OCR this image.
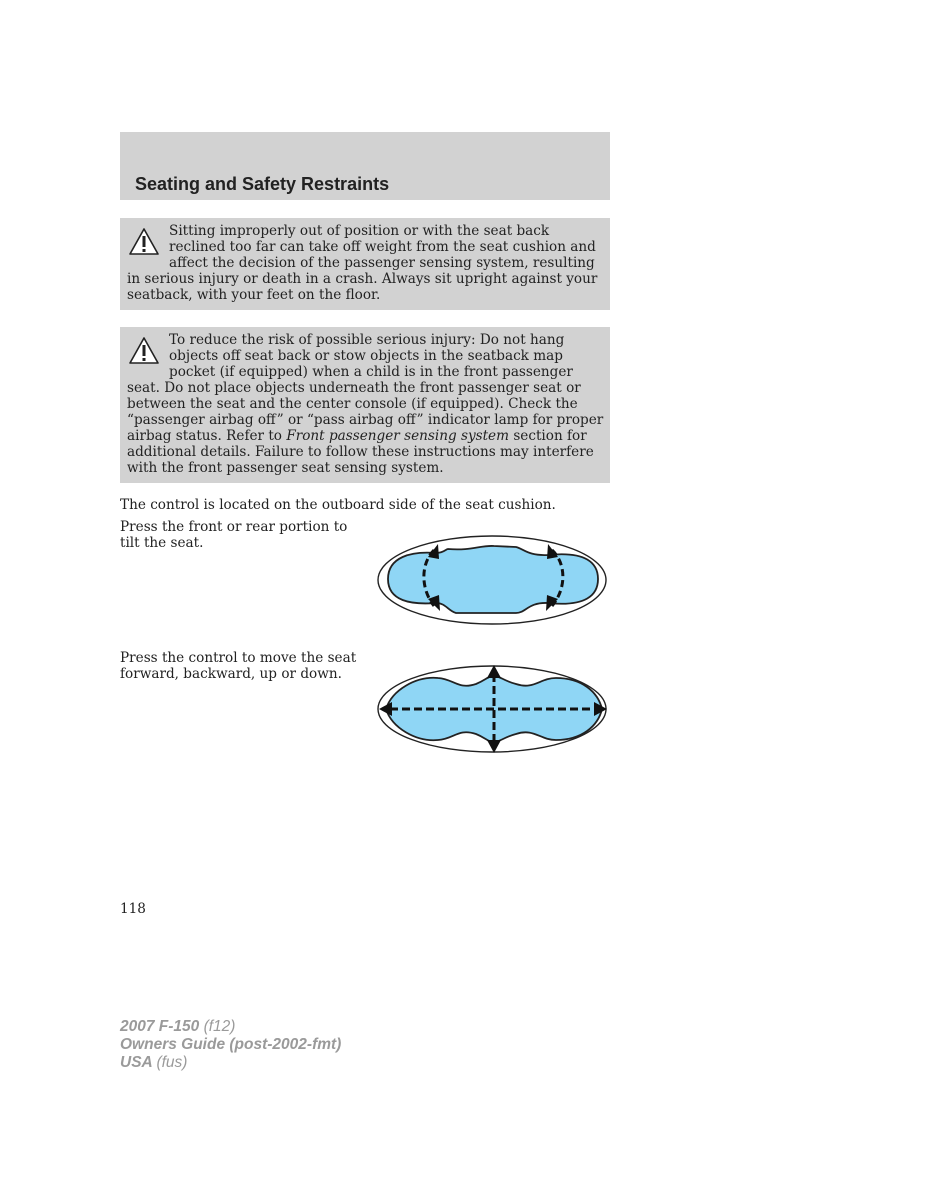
Seating and Safety Restraints

Sitting improperly out of position or with the seat back reclined too far can take off weight from the seat cushion and affect the decision of the passenger sensing system, resulting in serious injury or death in a crash. Always sit upright against your seatback, with your feet on the floor.

To reduce the risk of possible serious injury: Do not hang objects off seat back or stow objects in the seatback map pocket (if equipped) when a child is in the front passenger seat. Do not place objects underneath the front passenger seat or between the seat and the center console (if equipped). Check the “passenger airbag off” or “pass airbag off” indicator lamp for proper airbag status. Refer to Front passenger sensing system section for additional details. Failure to follow these instructions may interfere with the front passenger seat sensing system.

The control is located on the outboard side of the seat cushion.

Press the front or rear portion to tilt the seat.

Press the control to move the seat forward, backward, up or down.

118
2007 F-150 (f12)
Owners Guide (post-2002-fmt)
USA (fus)
